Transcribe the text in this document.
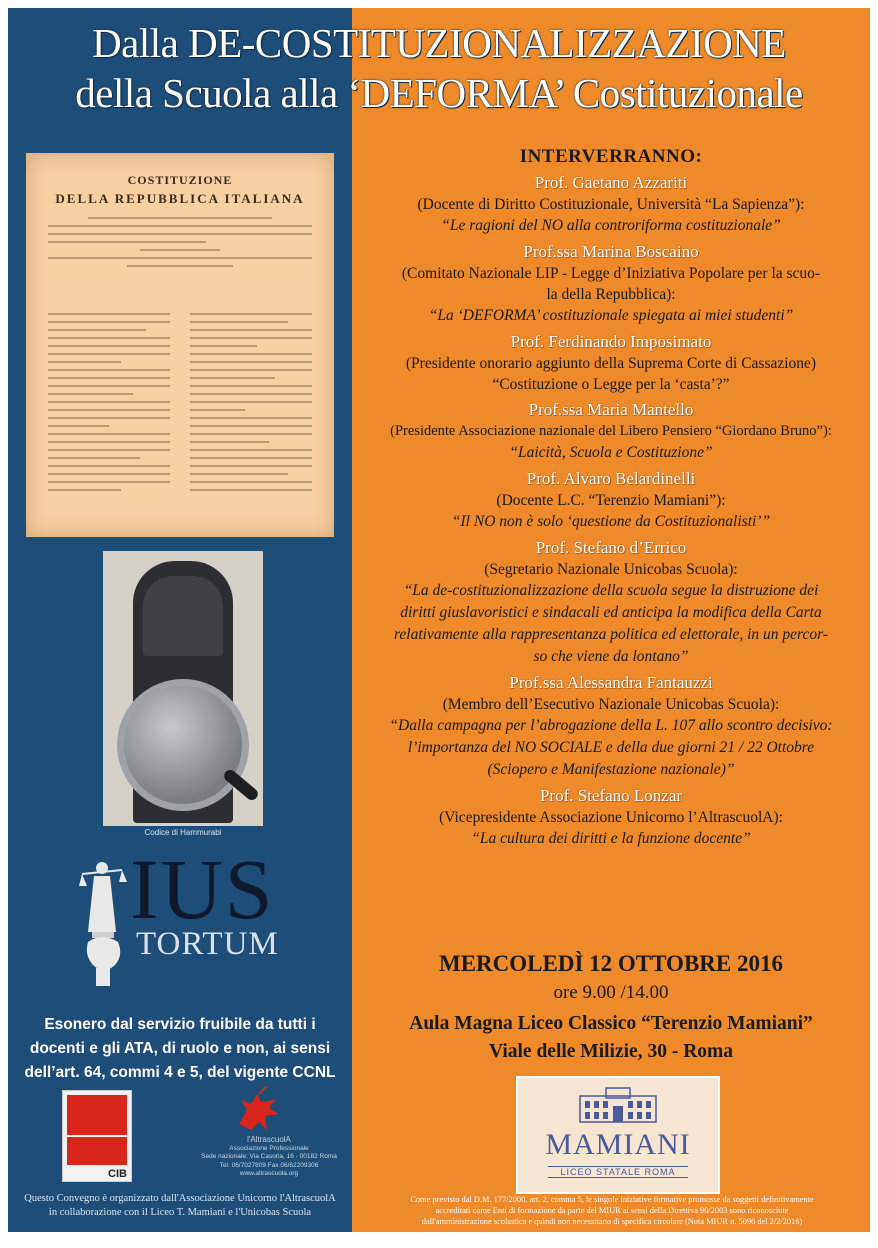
Dalla DE-COSTITUZIONALIZZAZIONE
della Scuola alla ‘DEFORMA’ Costituzionale
COSTITUZIONE
DELLA REPUBBLICA ITALIANA
Codice di Hammurabi
IUS
TORTUM
Esonero dal servizio fruibile da tutti i
docenti e gli ATA, di ruolo e non, ai sensi
dell’art. 64, commi 4 e 5, del vigente CCNL
CIB
l'AltrascuolA
Associazione Professionale
Sede nazionale: Via Casoria, 16 - 00182 Roma
Tel. 06/7027809 Fax 06/62209306
www.altrascuola.org
Questo Convegno è organizzato dall'Associazione Unicorno l'AltrascuolA
in collaborazione con il Liceo T. Mamiani e l'Unicobas Scuola
INTERVERRANNO:
Prof. Gaetano Azzariti
(Docente di Diritto Costituzionale, Università “La Sapienza”):
“Le ragioni del NO alla controriforma costituzionale”
Prof.ssa Marina Boscaino
(Comitato Nazionale LIP - Legge d’Iniziativa Popolare per la scuo-
la della Repubblica):
“La ‘DEFORMA’ costituzionale spiegata ai miei studenti”
Prof. Ferdinando Imposimato
(Presidente onorario aggiunto della Suprema Corte di Cassazione)
“Costituzione o Legge per la ‘casta’?”
Prof.ssa Maria Mantello
(Presidente Associazione nazionale del Libero Pensiero “Giordano Bruno”):
“Laicità, Scuola e Costituzione”
Prof. Alvaro Belardinelli
(Docente L.C. “Terenzio Mamiani”):
“Il NO non è solo ‘questione da Costituzionalisti’”
Prof. Stefano d’Errico
(Segretario Nazionale Unicobas Scuola):
“La de-costituzionalizzazione della scuola segue la distruzione dei
diritti giuslavoristici e sindacali ed anticipa la modifica della Carta
relativamente alla rappresentanza politica ed elettorale, in un percor-
so che viene da lontano”
Prof.ssa Alessandra Fantauzzi
(Membro dell’Esecutivo Nazionale Unicobas Scuola):
“Dalla campagna per l’abrogazione della L. 107 allo scontro decisivo:
l’importanza del NO SOCIALE e della due giorni 21 / 22 Ottobre
(Sciopero e Manifestazione nazionale)”
Prof. Stefano Lonzar
(Vicepresidente Associazione Unicorno l’AltrascuolA):
“La cultura dei diritti e la funzione docente”
MERCOLEDÌ 12 OTTOBRE 2016
ore 9.00 /14.00
Aula Magna Liceo Classico “Terenzio Mamiani”
Viale delle Milizie, 30 - Roma
MAMIANI
LICEO STATALE ROMA
Come previsto dal D.M. 177/2000, art. 2, comma 5, le singole iniziative formative promosse da soggetti definitivamente
accreditati come Enti di formazione da parte del MIUR ai sensi della Direttiva 90/2003 sono riconosciute
dall'amministrazione scolastica e quindi non necessitano di specifica circolare (Nota MIUR n. 5096 del 2/2/2016)
